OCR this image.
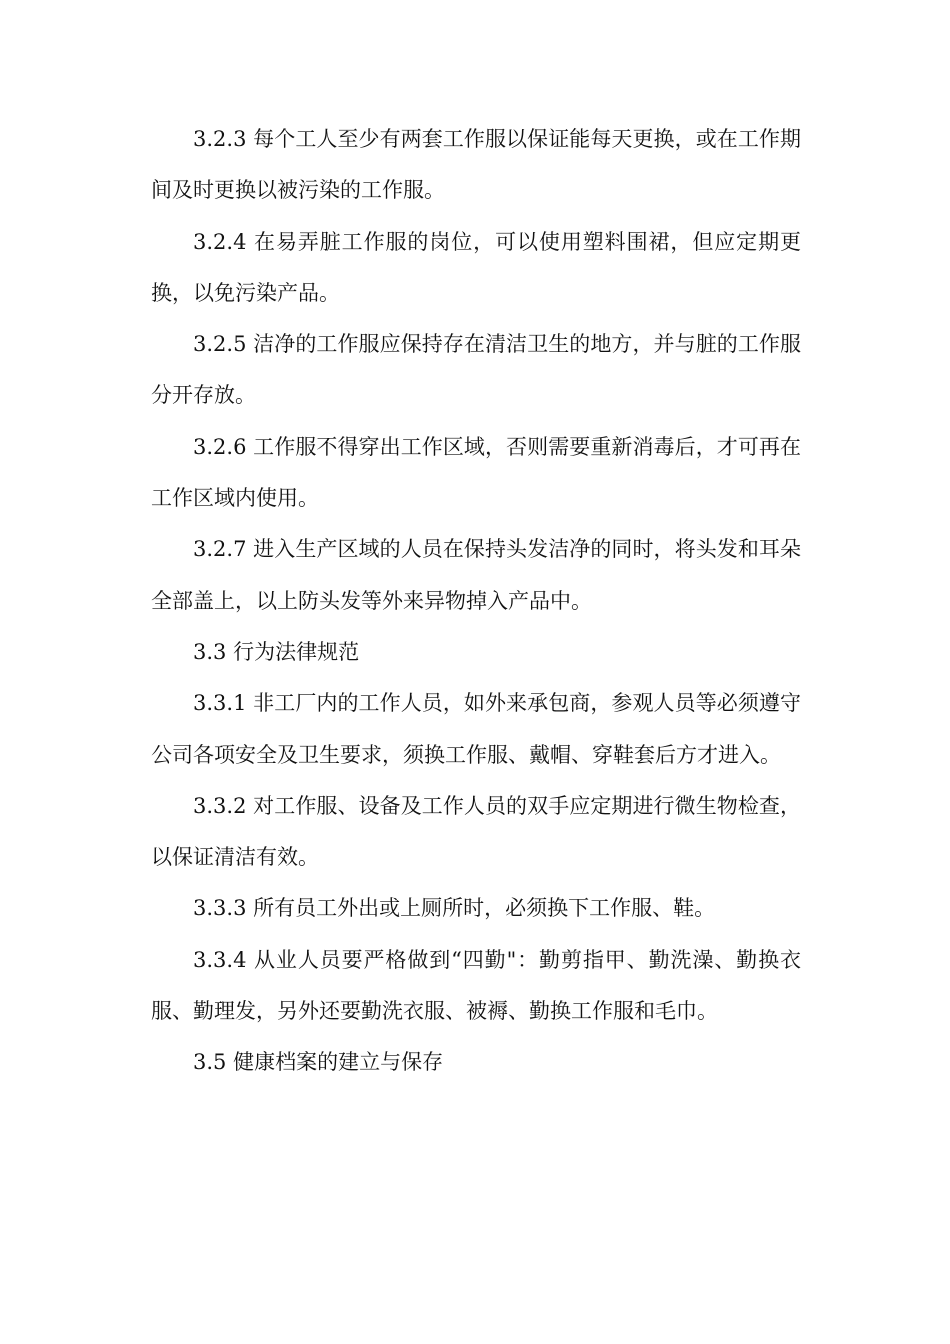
3.2.3 每个工人至少有两套工作服以保证能每天更换，或在工作期间及时更换以被污染的工作服。

3.2.4 在易弄脏工作服的岗位，可以使用塑料围裙，但应定期更换，以免污染产品。

3.2.5 洁净的工作服应保持存在清洁卫生的地方，并与脏的工作服分开存放。

3.2.6 工作服不得穿出工作区域，否则需要重新消毒后，才可再在工作区域内使用。

3.2.7 进入生产区域的人员在保持头发洁净的同时，将头发和耳朵全部盖上，以上防头发等外来异物掉入产品中。

3.3 行为法律规范

3.3.1 非工厂内的工作人员，如外来承包商，参观人员等必须遵守公司各项安全及卫生要求，须换工作服、戴帽、穿鞋套后方才进入。

3.3.2 对工作服、设备及工作人员的双手应定期进行微生物检查，以保证清洁有效。

3.3.3 所有员工外出或上厕所时，必须换下工作服、鞋。

3.3.4 从业人员要严格做到“四勤"：勤剪指甲、勤洗澡、勤换衣服、勤理发，另外还要勤洗衣服、被褥、勤换工作服和毛巾。

3.5 健康档案的建立与保存
